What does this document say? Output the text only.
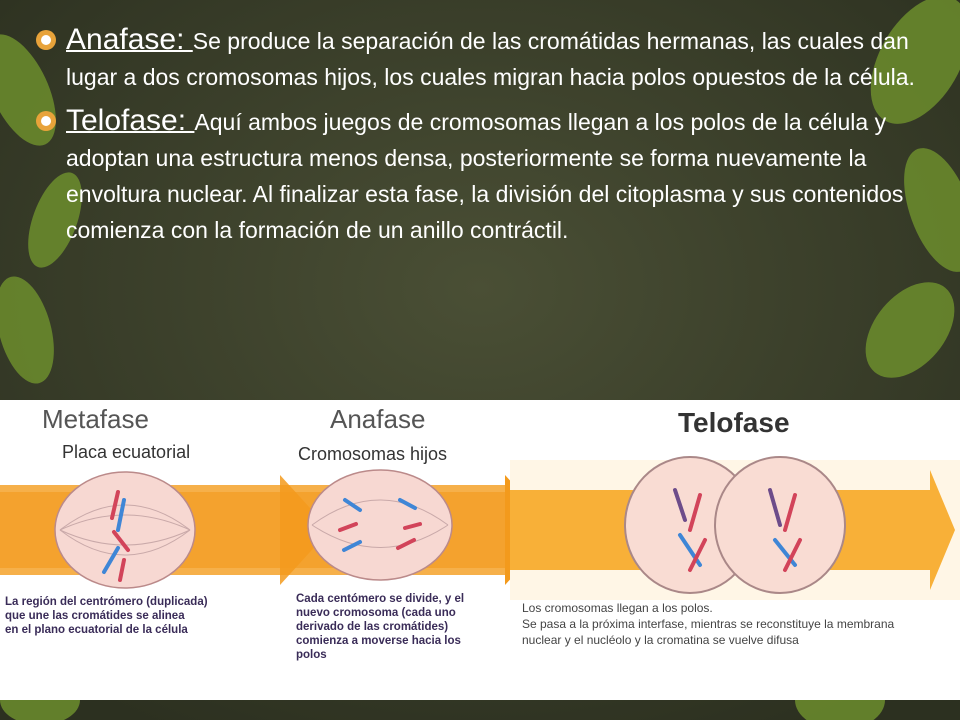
Anafase: Se produce la separación de las cromátidas hermanas, las cuales dan lugar a dos cromosomas hijos, los cuales migran hacia polos opuestos de la célula.
Telofase: Aquí ambos juegos de cromosomas llegan a los polos de la célula y adoptan una estructura menos densa, posteriormente se forma nuevamente la envoltura nuclear. Al finalizar esta fase, la división del citoplasma y sus contenidos comienza con la formación de un anillo contráctil.
Metafase
Placa ecuatorial
Anafase
Cromosomas hijos
Telofase
La región del centrómero (duplicada) que une las cromátides se alinea en el plano ecuatorial de la célula
Cada centómero se divide, y el nuevo cromosoma (cada uno derivado de las cromátides) comienza a moverse hacia los polos
Los cromosomas llegan a los polos. Se pasa a la próxima interfase, mientras se reconstituye la membrana nuclear y el nucléolo y la cromatina se vuelve difusa
